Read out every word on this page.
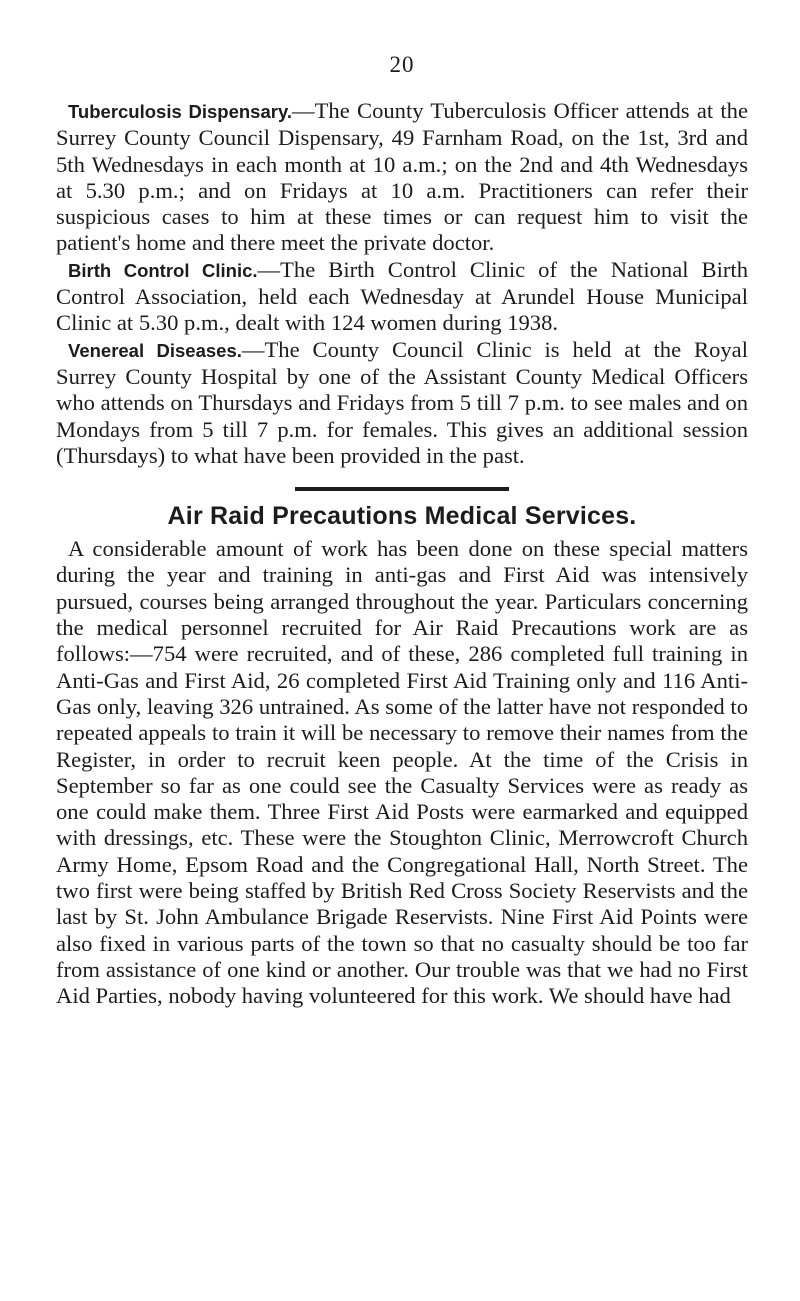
20

Tuberculosis Dispensary.—The County Tuberculosis Officer attends at the Surrey County Council Dispensary, 49 Farnham Road, on the 1st, 3rd and 5th Wednesdays in each month at 10 a.m.; on the 2nd and 4th Wednesdays at 5.30 p.m.; and on Fridays at 10 a.m. Practitioners can refer their suspicious cases to him at these times or can request him to visit the patient's home and there meet the private doctor.

Birth Control Clinic.—The Birth Control Clinic of the National Birth Control Association, held each Wednesday at Arundel House Municipal Clinic at 5.30 p.m., dealt with 124 women during 1938.

Venereal Diseases.—The County Council Clinic is held at the Royal Surrey County Hospital by one of the Assistant County Medical Officers who attends on Thursdays and Fridays from 5 till 7 p.m. to see males and on Mondays from 5 till 7 p.m. for females. This gives an additional session (Thursdays) to what have been provided in the past.

Air Raid Precautions Medical Services.

A considerable amount of work has been done on these special matters during the year and training in anti-gas and First Aid was intensively pursued, courses being arranged throughout the year. Particulars concerning the medical personnel recruited for Air Raid Precautions work are as follows:—754 were recruited, and of these, 286 completed full training in Anti-Gas and First Aid, 26 completed First Aid Training only and 116 Anti-Gas only, leaving 326 untrained. As some of the latter have not responded to repeated appeals to train it will be necessary to remove their names from the Register, in order to recruit keen people. At the time of the Crisis in September so far as one could see the Casualty Services were as ready as one could make them. Three First Aid Posts were earmarked and equipped with dressings, etc. These were the Stoughton Clinic, Merrowcroft Church Army Home, Epsom Road and the Congregational Hall, North Street. The two first were being staffed by British Red Cross Society Reservists and the last by St. John Ambulance Brigade Reservists. Nine First Aid Points were also fixed in various parts of the town so that no casualty should be too far from assistance of one kind or another. Our trouble was that we had no First Aid Parties, nobody having volunteered for this work. We should have had
